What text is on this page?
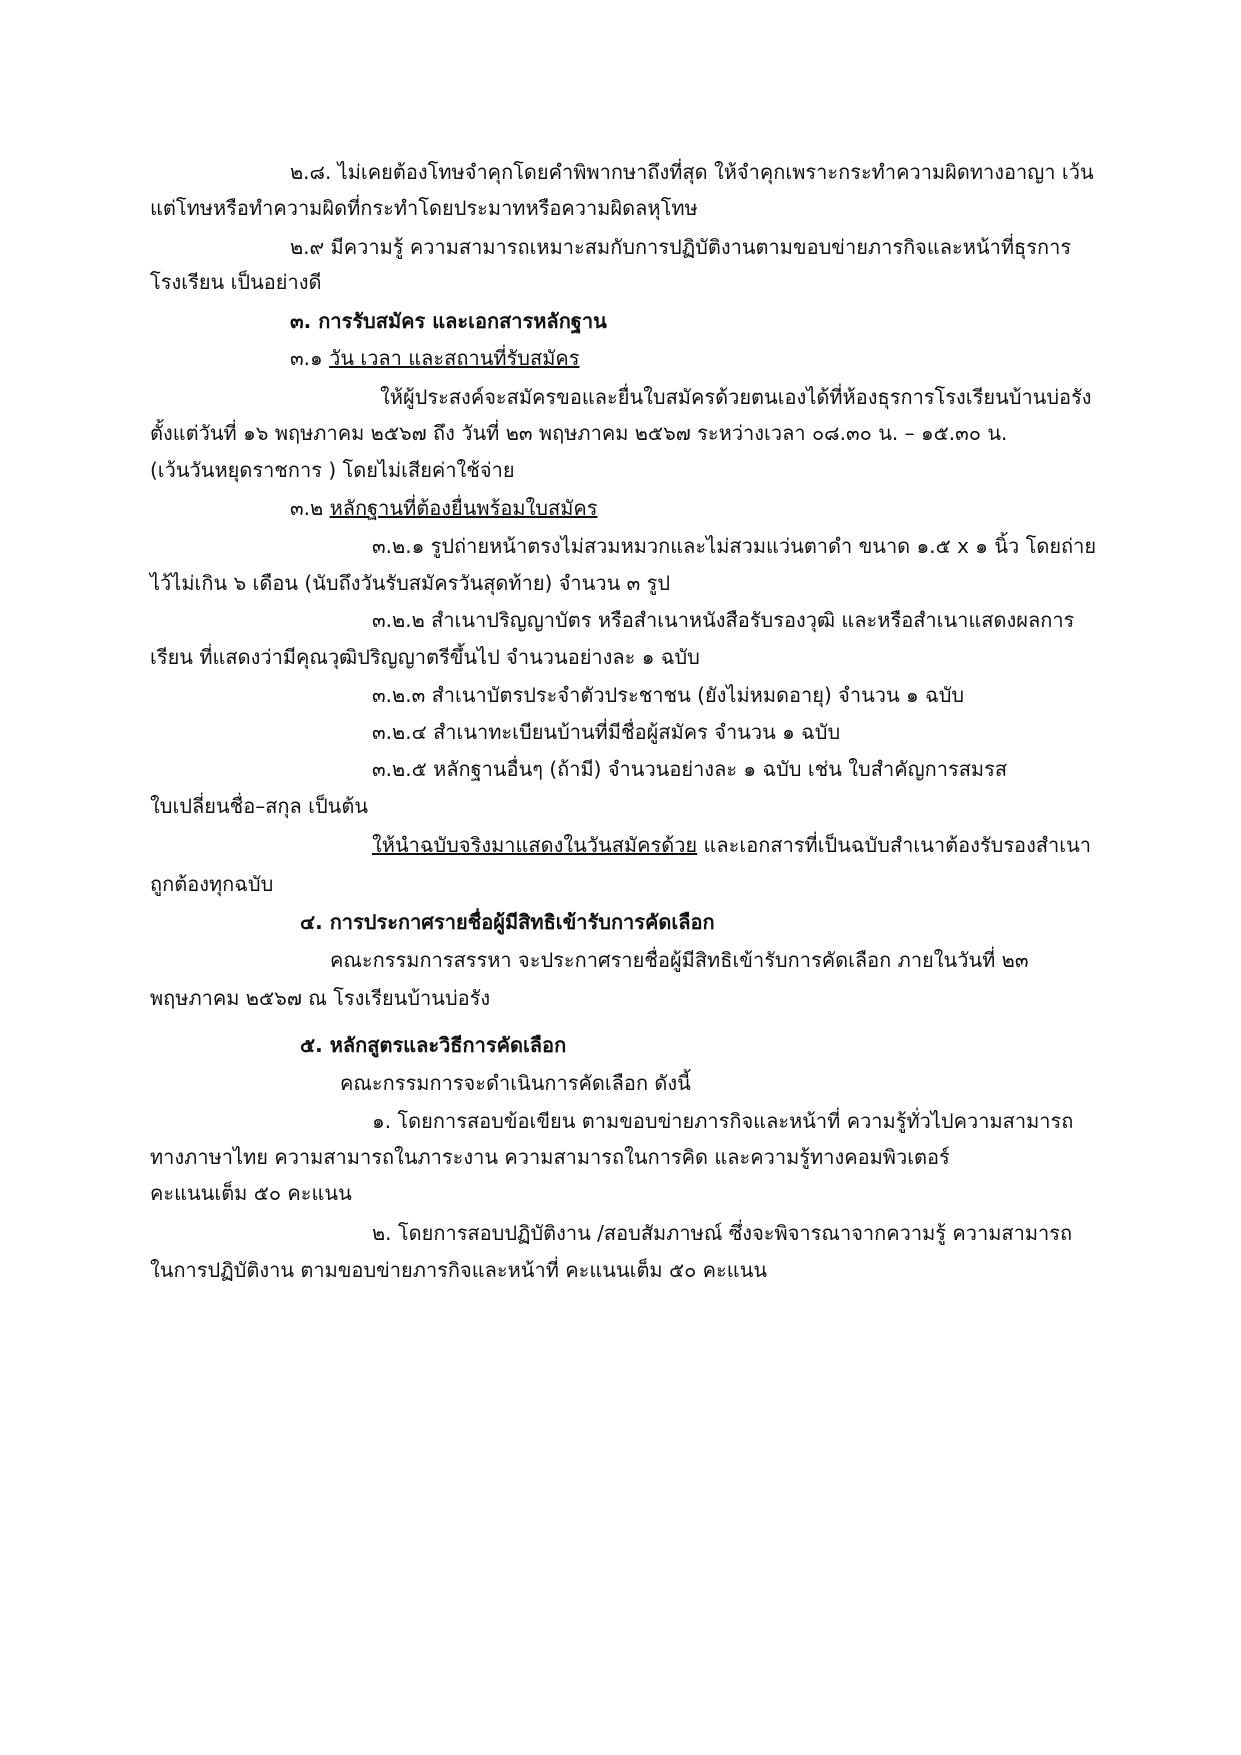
๒.๘. ไม่เคยต้องโทษจำคุกโดยคำพิพากษาถึงที่สุด ให้จำคุกเพราะกระทำความผิดทางอาญา เว้น

แต่โทษหรือทำความผิดที่กระทำโดยประมาทหรือความผิดลหุโทษ

๒.๙ มีความรู้ ความสามารถเหมาะสมกับการปฏิบัติงานตามขอบข่ายภารกิจและหน้าที่ธุรการ

โรงเรียน เป็นอย่างดี

๓. การรับสมัคร และเอกสารหลักฐาน

๓.๑ วัน เวลา และสถานที่รับสมัคร

ให้ผู้ประสงค์จะสมัครขอและยื่นใบสมัครด้วยตนเองได้ที่ห้องธุรการโรงเรียนบ้านบ่อรัง

ตั้งแต่วันที่ ๑๖ พฤษภาคม ๒๕๖๗ ถึง วันที่ ๒๓ พฤษภาคม ๒๕๖๗ ระหว่างเวลา ๐๘.๓๐ น. – ๑๕.๓๐ น.

(เว้นวันหยุดราชการ ) โดยไม่เสียค่าใช้จ่าย

๓.๒ หลักฐานที่ต้องยื่นพร้อมใบสมัคร

๓.๒.๑ รูปถ่ายหน้าตรงไม่สวมหมวกและไม่สวมแว่นตาดำ ขนาด ๑.๕ x ๑ นิ้ว โดยถ่าย

ไว้ไม่เกิน ๖ เดือน (นับถึงวันรับสมัครวันสุดท้าย) จำนวน ๓ รูป

๓.๒.๒ สำเนาปริญญาบัตร หรือสำเนาหนังสือรับรองวุฒิ และหรือสำเนาแสดงผลการ

เรียน ที่แสดงว่ามีคุณวุฒิปริญญาตรีขึ้นไป จำนวนอย่างละ ๑ ฉบับ

๓.๒.๓ สำเนาบัตรประจำตัวประชาชน (ยังไม่หมดอายุ) จำนวน ๑ ฉบับ

๓.๒.๔ สำเนาทะเบียนบ้านที่มีชื่อผู้สมัคร จำนวน ๑ ฉบับ

๓.๒.๕ หลักฐานอื่นๆ (ถ้ามี) จำนวนอย่างละ ๑ ฉบับ เช่น ใบสำคัญการสมรส

ใบเปลี่ยนชื่อ–สกุล เป็นต้น

ให้นำฉบับจริงมาแสดงในวันสมัครด้วย และเอกสารที่เป็นฉบับสำเนาต้องรับรองสำเนา

ถูกต้องทุกฉบับ

๔. การประกาศรายชื่อผู้มีสิทธิเข้ารับการคัดเลือก

คณะกรรมการสรรหา จะประกาศรายชื่อผู้มีสิทธิเข้ารับการคัดเลือก ภายในวันที่ ๒๓

พฤษภาคม ๒๕๖๗ ณ โรงเรียนบ้านบ่อรัง

๕. หลักสูตรและวิธีการคัดเลือก

คณะกรรมการจะดำเนินการคัดเลือก ดังนี้

๑. โดยการสอบข้อเขียน ตามขอบข่ายภารกิจและหน้าที่ ความรู้ทั่วไปความสามารถ

ทางภาษาไทย ความสามารถในภาระงาน ความสามารถในการคิด และความรู้ทางคอมพิวเตอร์

คะแนนเต็ม ๕๐ คะแนน

๒. โดยการสอบปฏิบัติงาน /สอบสัมภาษณ์ ซึ่งจะพิจารณาจากความรู้ ความสามารถ

ในการปฏิบัติงาน ตามขอบข่ายภารกิจและหน้าที่ คะแนนเต็ม ๕๐ คะแนน
